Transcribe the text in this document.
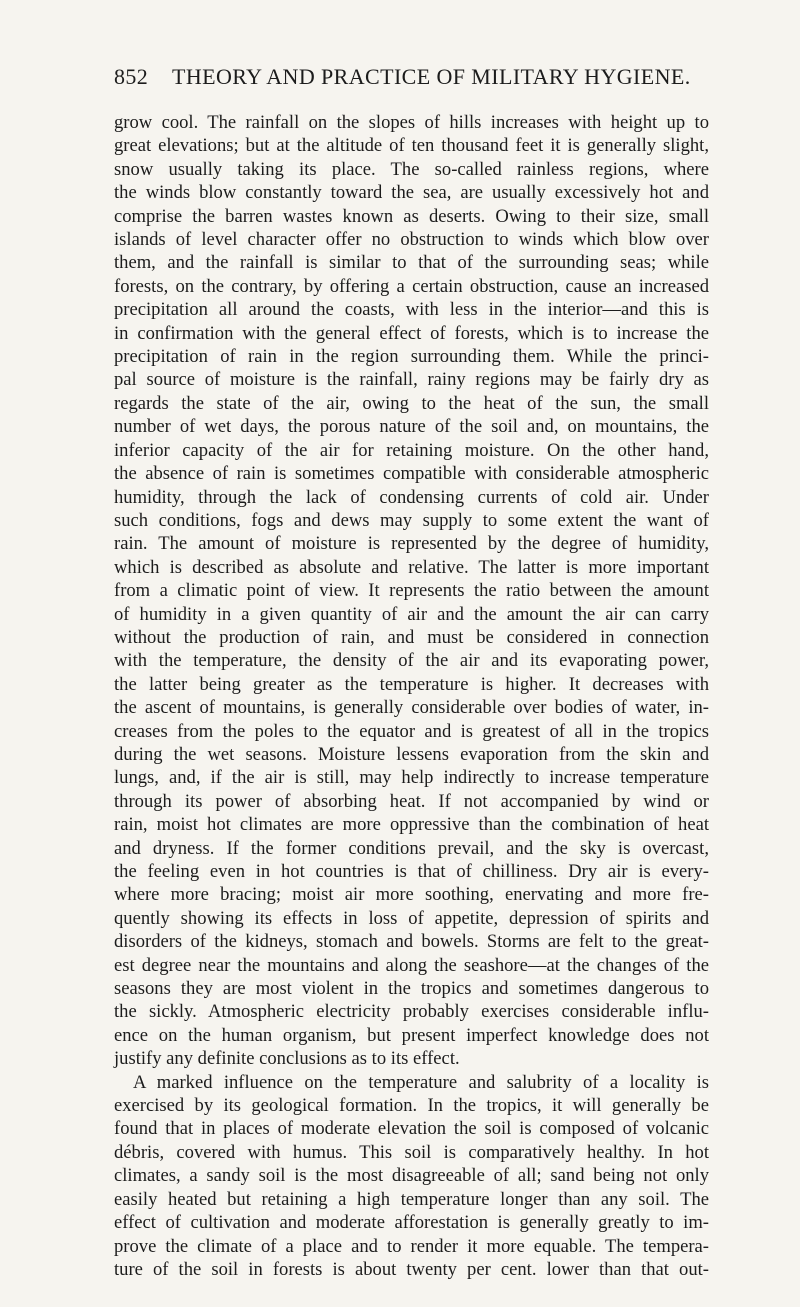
852 THEORY AND PRACTICE OF MILITARY HYGIENE.

grow cool. The rainfall on the slopes of hills increases with height up to
great elevations; but at the altitude of ten thousand feet it is generally slight,
snow usually taking its place. The so-called rainless regions, where
the winds blow constantly toward the sea, are usually excessively hot and
comprise the barren wastes known as deserts. Owing to their size, small
islands of level character offer no obstruction to winds which blow over
them, and the rainfall is similar to that of the surrounding seas; while
forests, on the contrary, by offering a certain obstruction, cause an increased
precipitation all around the coasts, with less in the interior—and this is
in confirmation with the general effect of forests, which is to increase the
precipitation of rain in the region surrounding them. While the princi-
pal source of moisture is the rainfall, rainy regions may be fairly dry as
regards the state of the air, owing to the heat of the sun, the small
number of wet days, the porous nature of the soil and, on mountains, the
inferior capacity of the air for retaining moisture. On the other hand,
the absence of rain is sometimes compatible with considerable atmospheric
humidity, through the lack of condensing currents of cold air. Under
such conditions, fogs and dews may supply to some extent the want of
rain. The amount of moisture is represented by the degree of humidity,
which is described as absolute and relative. The latter is more important
from a climatic point of view. It represents the ratio between the amount
of humidity in a given quantity of air and the amount the air can carry
without the production of rain, and must be considered in connection
with the temperature, the density of the air and its evaporating power,
the latter being greater as the temperature is higher. It decreases with
the ascent of mountains, is generally considerable over bodies of water, in-
creases from the poles to the equator and is greatest of all in the tropics
during the wet seasons. Moisture lessens evaporation from the skin and
lungs, and, if the air is still, may help indirectly to increase temperature
through its power of absorbing heat. If not accompanied by wind or
rain, moist hot climates are more oppressive than the combination of heat
and dryness. If the former conditions prevail, and the sky is overcast,
the feeling even in hot countries is that of chilliness. Dry air is every-
where more bracing; moist air more soothing, enervating and more fre-
quently showing its effects in loss of appetite, depression of spirits and
disorders of the kidneys, stomach and bowels. Storms are felt to the great-
est degree near the mountains and along the seashore—at the changes of the
seasons they are most violent in the tropics and sometimes dangerous to
the sickly. Atmospheric electricity probably exercises considerable influ-
ence on the human organism, but present imperfect knowledge does not
justify any definite conclusions as to its effect.

A marked influence on the temperature and salubrity of a locality is
exercised by its geological formation. In the tropics, it will generally be
found that in places of moderate elevation the soil is composed of volcanic
débris, covered with humus. This soil is comparatively healthy. In hot
climates, a sandy soil is the most disagreeable of all; sand being not only
easily heated but retaining a high temperature longer than any soil. The
effect of cultivation and moderate afforestation is generally greatly to im-
prove the climate of a place and to render it more equable. The tempera-
ture of the soil in forests is about twenty per cent. lower than that out-
